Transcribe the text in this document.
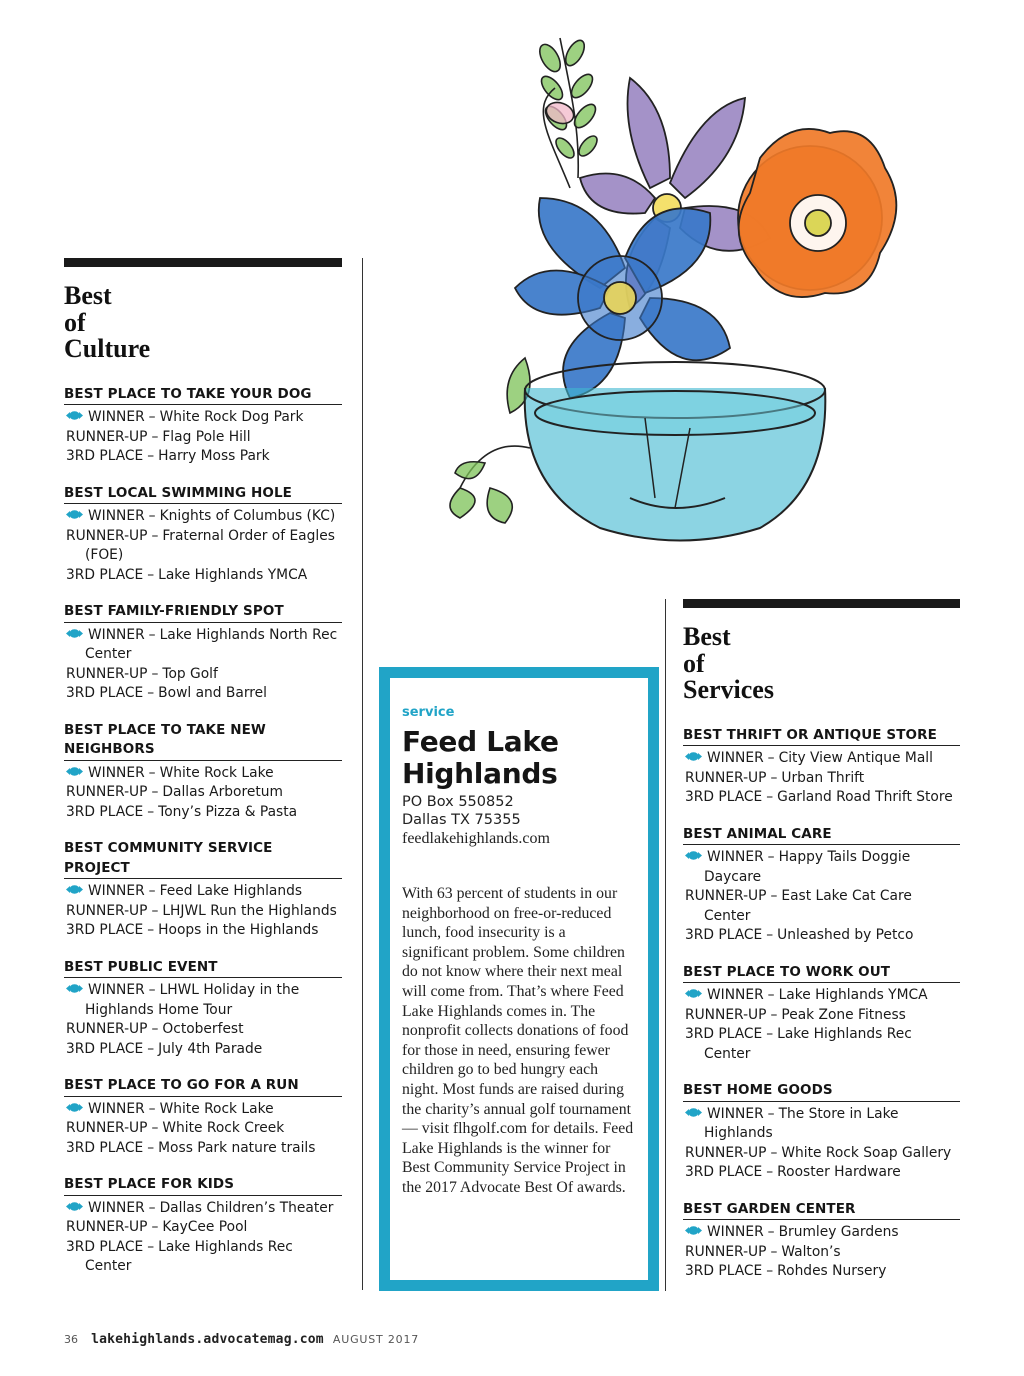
Best
of
Culture
BEST PLACE TO TAKE YOUR DOG
WINNER – White Rock Dog Park
RUNNER-UP – Flag Pole Hill
3RD PLACE – Harry Moss Park
BEST LOCAL SWIMMING HOLE
WINNER – Knights of Columbus (KC)
RUNNER-UP – Fraternal Order of Eagles (FOE)
3RD PLACE – Lake Highlands YMCA
BEST FAMILY-FRIENDLY SPOT
WINNER – Lake Highlands North Rec Center
RUNNER-UP – Top Golf
3RD PLACE – Bowl and Barrel
BEST PLACE TO TAKE NEW NEIGHBORS
WINNER – White Rock Lake
RUNNER-UP – Dallas Arboretum
3RD PLACE – Tony’s Pizza & Pasta
BEST COMMUNITY SERVICE PROJECT
WINNER – Feed Lake Highlands
RUNNER-UP – LHJWL Run the Highlands
3RD PLACE – Hoops in the Highlands
BEST PUBLIC EVENT
WINNER – LHWL Holiday in the Highlands Home Tour
RUNNER-UP – Octoberfest
3RD PLACE – July 4th Parade
BEST PLACE TO GO FOR A RUN
WINNER – White Rock Lake
RUNNER-UP – White Rock Creek
3RD PLACE – Moss Park nature trails
BEST PLACE FOR KIDS
WINNER – Dallas Children’s Theater
RUNNER-UP – KayCee Pool
3RD PLACE – Lake Highlands Rec Center
service
Feed Lake
Highlands
PO Box 550852
Dallas TX 75355
feedlakehighlands.com
With 63 percent of students in our neighborhood on free-or-reduced lunch, food insecurity is a significant problem. Some children do not know where their next meal will come from. That’s where Feed Lake Highlands comes in. The nonprofit collects donations of food for those in need, ensuring fewer children go to bed hungry each night. Most funds are raised during the charity’s annual golf tournament — visit flhgolf.com for details. Feed Lake Highlands is the winner for Best Community Service Project in the 2017 Advocate Best Of awards.
Best
of
Services
BEST THRIFT OR ANTIQUE STORE
WINNER – City View Antique Mall
RUNNER-UP – Urban Thrift
3RD PLACE – Garland Road Thrift Store
BEST ANIMAL CARE
WINNER – Happy Tails Doggie Daycare
RUNNER-UP – East Lake Cat Care Center
3RD PLACE – Unleashed by Petco
BEST PLACE TO WORK OUT
WINNER – Lake Highlands YMCA
RUNNER-UP – Peak Zone Fitness
3RD PLACE – Lake Highlands Rec Center
BEST HOME GOODS
WINNER – The Store in Lake Highlands
RUNNER-UP – White Rock Soap Gallery
3RD PLACE – Rooster Hardware
BEST GARDEN CENTER
WINNER – Brumley Gardens
RUNNER-UP – Walton’s
3RD PLACE – Rohdes Nursery
36 lakehighlands.advocatemag.com AUGUST 2017
